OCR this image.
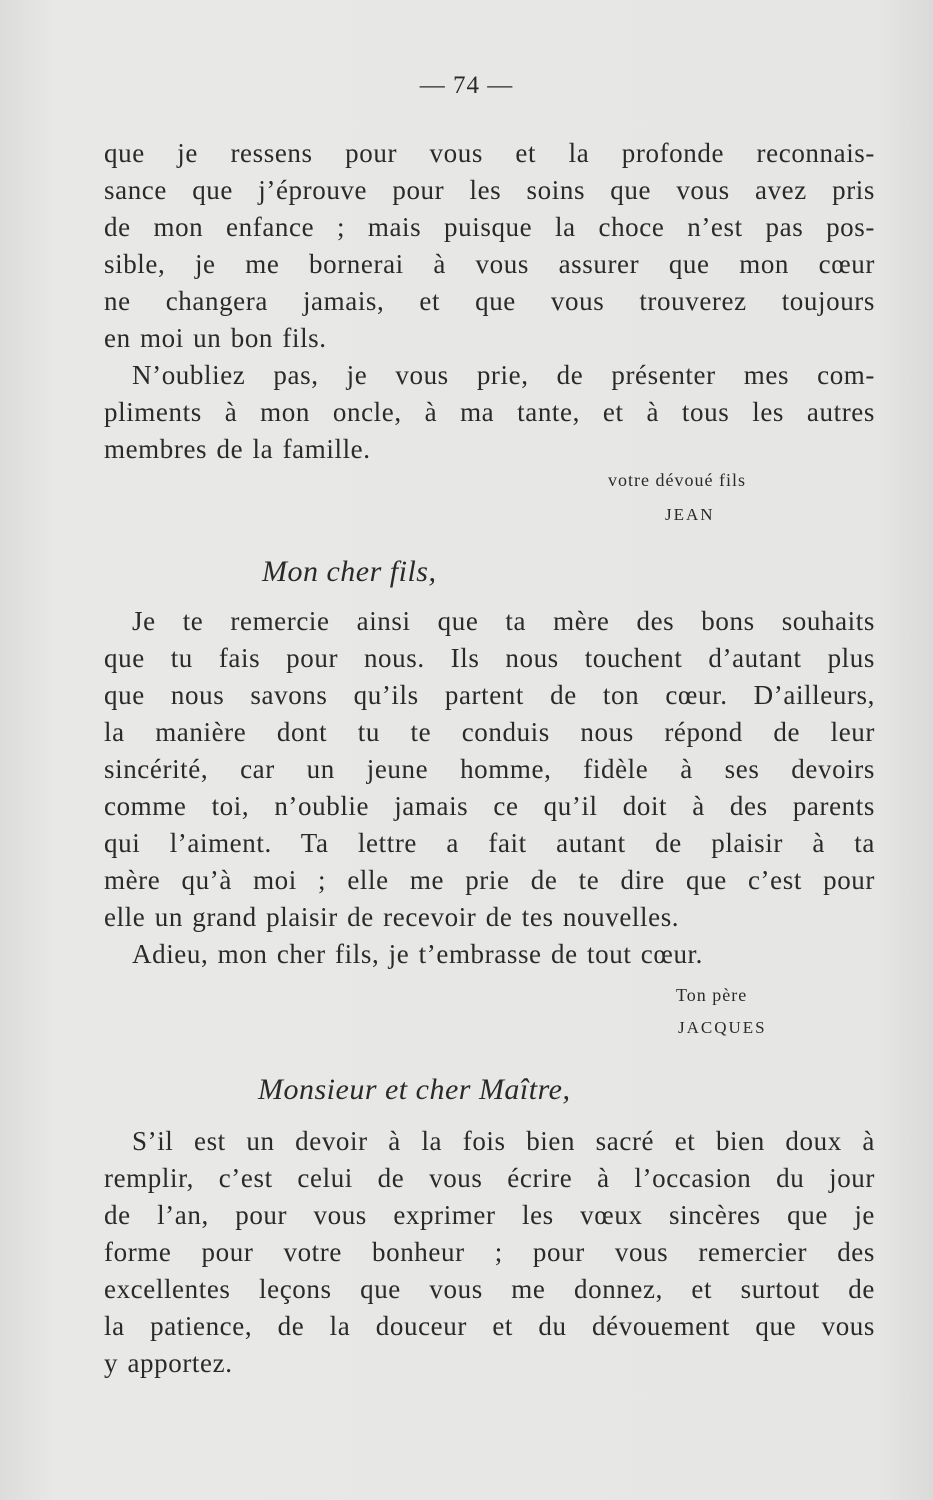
— 74 —
que je ressens pour vous et la profonde reconnais-
sance que j’éprouve pour les soins que vous avez pris
de mon enfance ; mais puisque la choce n’est pas pos-
sible, je me bornerai à vous assurer que mon cœur
ne changera jamais, et que vous trouverez toujours
en moi un bon fils.
N’oubliez pas, je vous prie, de présenter mes com-
pliments à mon oncle, à ma tante, et à tous les autres
membres de la famille.
votre dévoué fils
JEAN
Mon cher fils,
Je te remercie ainsi que ta mère des bons souhaits
que tu fais pour nous. Ils nous touchent d’autant plus
que nous savons qu’ils partent de ton cœur. D’ailleurs,
la manière dont tu te conduis nous répond de leur
sincérité, car un jeune homme, fidèle à ses devoirs
comme toi, n’oublie jamais ce qu’il doit à des parents
qui l’aiment. Ta lettre a fait autant de plaisir à ta
mère qu’à moi ; elle me prie de te dire que c’est pour
elle un grand plaisir de recevoir de tes nouvelles.
Adieu, mon cher fils, je t’embrasse de tout cœur.
Ton père
JACQUES
Monsieur et cher Maître,
S’il est un devoir à la fois bien sacré et bien doux à
remplir, c’est celui de vous écrire à l’occasion du jour
de l’an, pour vous exprimer les vœux sincères que je
forme pour votre bonheur ; pour vous remercier des
excellentes leçons que vous me donnez, et surtout de
la patience, de la douceur et du dévouement que vous
y apportez.
